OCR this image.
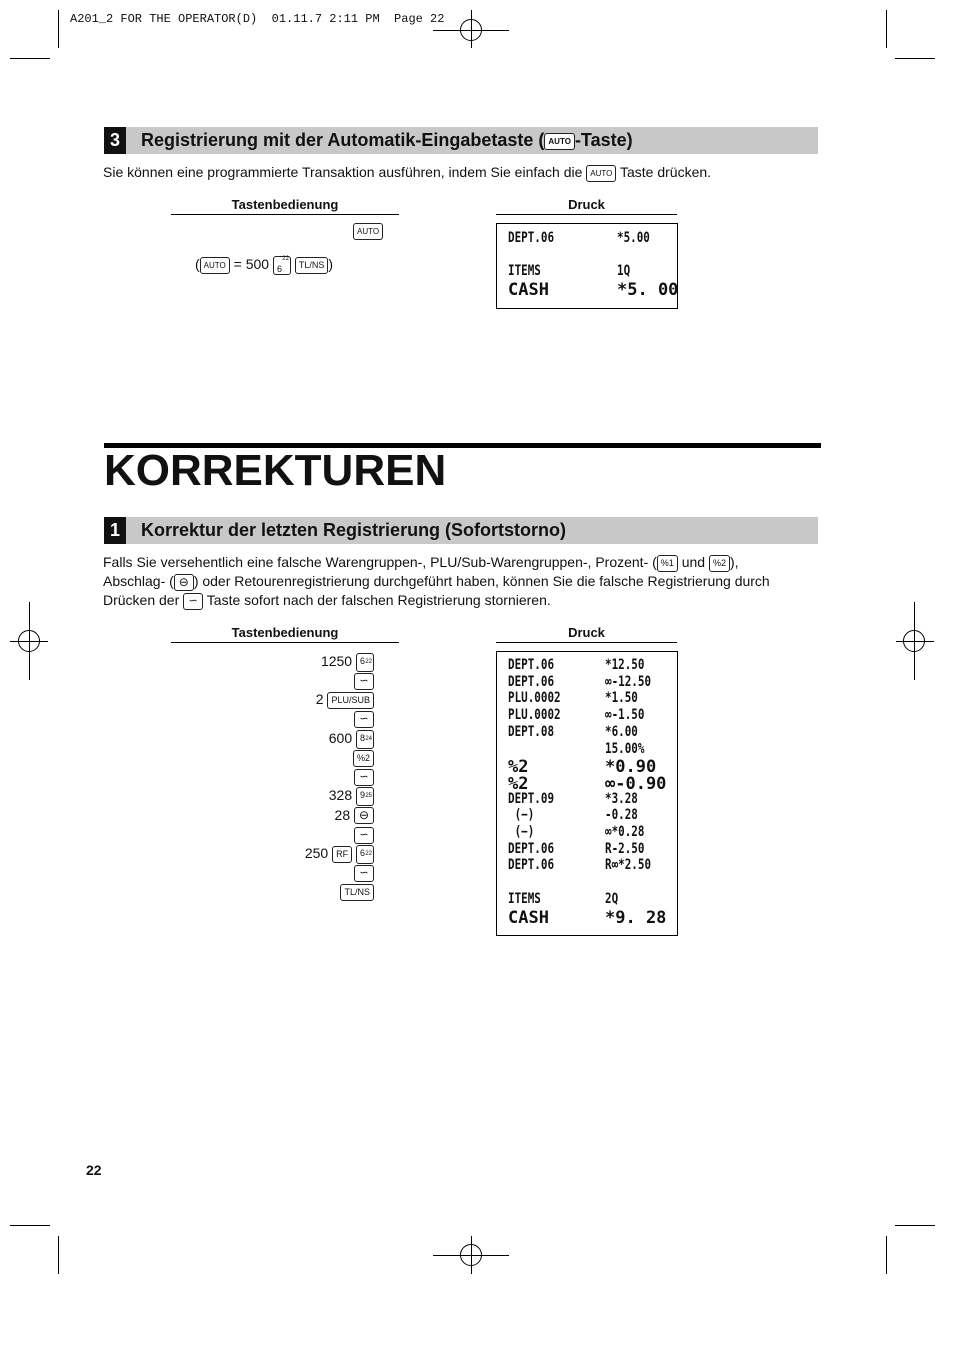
A201_2 FOR THE OPERATOR(D)  01.11.7 2:11 PM  Page 22
3	Registrierung mit der Automatik-Eingabetaste ( AUTO -Taste)
Sie können eine programmierte Transaktion ausführen, indem Sie einfach die AUTO Taste drücken.
Tastenbedienung	Druck
AUTO
( AUTO = 500 22
6 TL/NS )
DEPT.06	*5.00
ITEMS	1Q
CASH	*5. 00
KORREKTUREN
1	Korrektur der letzten Registrierung (Sofortstorno)
Falls Sie versehentlich eine falsche Warengruppen-, PLU/Sub-Warengruppen-, Prozent- ( %1 und %2 ),
Abschlag- ( ⊖ ) oder Retourenregistrierung durchgeführt haben, können Sie die falsche Registrierung durch
Drücken der ∽ Taste sofort nach der falschen Registrierung stornieren.
Tastenbedienung	Druck
1250 22
6
∽
2 PLU/SUB
∽
600 24
8
%2
∽
328 25
9
28 ⊖
∽
250 RF	22
6
∽
TL/NS
DEPT.06	*12.50
DEPT.06	∞-12.50
PLU.0002	*1.50
PLU.0002	∞-1.50
DEPT.08	*6.00
15.00%
%2	*0.90
%2	∞-0.90
DEPT.09	*3.28
(−)	-0.28
(−)	∞*0.28
DEPT.06	R-2.50
DEPT.06	R∞*2.50
ITEMS	2Q
CASH	*9. 28
22
